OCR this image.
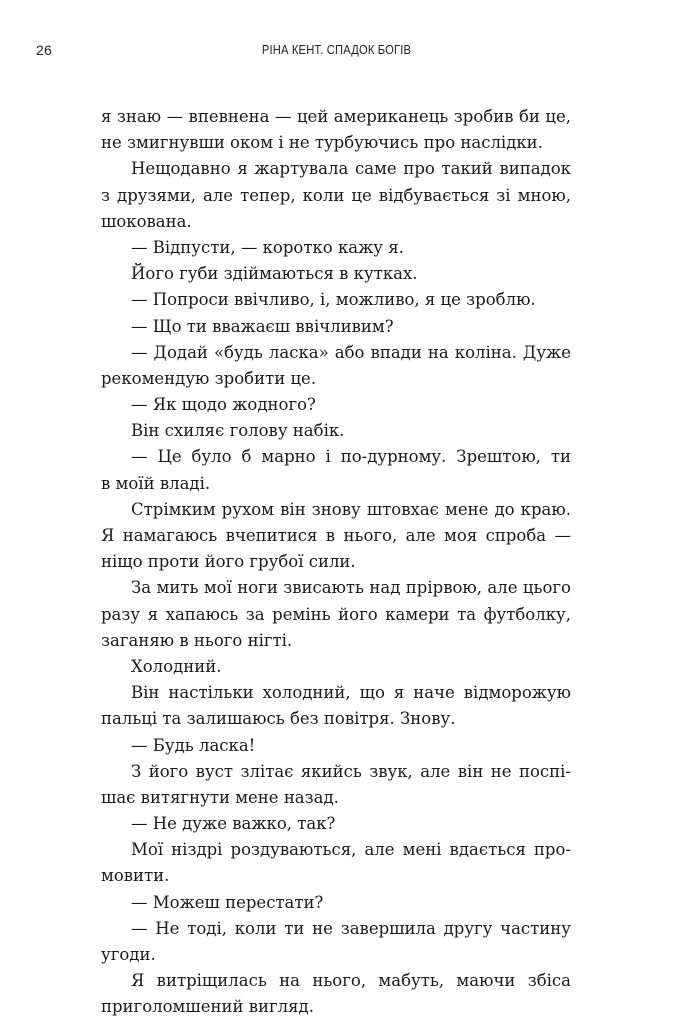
26	РІНА КЕНТ. СПАДОК БОГІВ
я знаю — впевнена — цей американець зробив би це,
не змигнувши оком і не турбуючись про наслідки.
Нещодавно я жартувала саме про такий випадок
з друзями, але тепер, коли це відбувається зі мною,
шокована.
— Відпусти, — коротко кажу я.
Його губи здіймаються в кутках.
— Попроси ввічливо, і, можливо, я це зроблю.
— Що ти вважаєш ввічливим?
— Додай «будь ласка» або впади на коліна. Дуже
рекомендую зробити це.
— Як щодо жодного?
Він схиляє голову набік.
— Це було б марно і по-дурному. Зрештою, ти
в моїй владі.
Стрімким рухом він знову штовхає мене до краю.
Я намагаюсь вчепитися в нього, але моя спроба —
ніщо проти його грубої сили.
За мить мої ноги звисають над прірвою, але цього
разу я хапаюсь за ремінь його камери та футболку,
заганяю в нього нігті.
Холодний.
Він настільки холодний, що я наче відморожую
пальці та залишаюсь без повітря. Знову.
— Будь ласка!
З його вуст злітає якийсь звук, але він не поспі-
шає витягнути мене назад.
— Не дуже важко, так?
Мої ніздрі роздуваються, але мені вдається про-
мовити.
— Можеш перестати?
— Не тоді, коли ти не завершила другу частину
угоди.
Я витріщилась на нього, мабуть, маючи збіса
приголомшений вигляд.
